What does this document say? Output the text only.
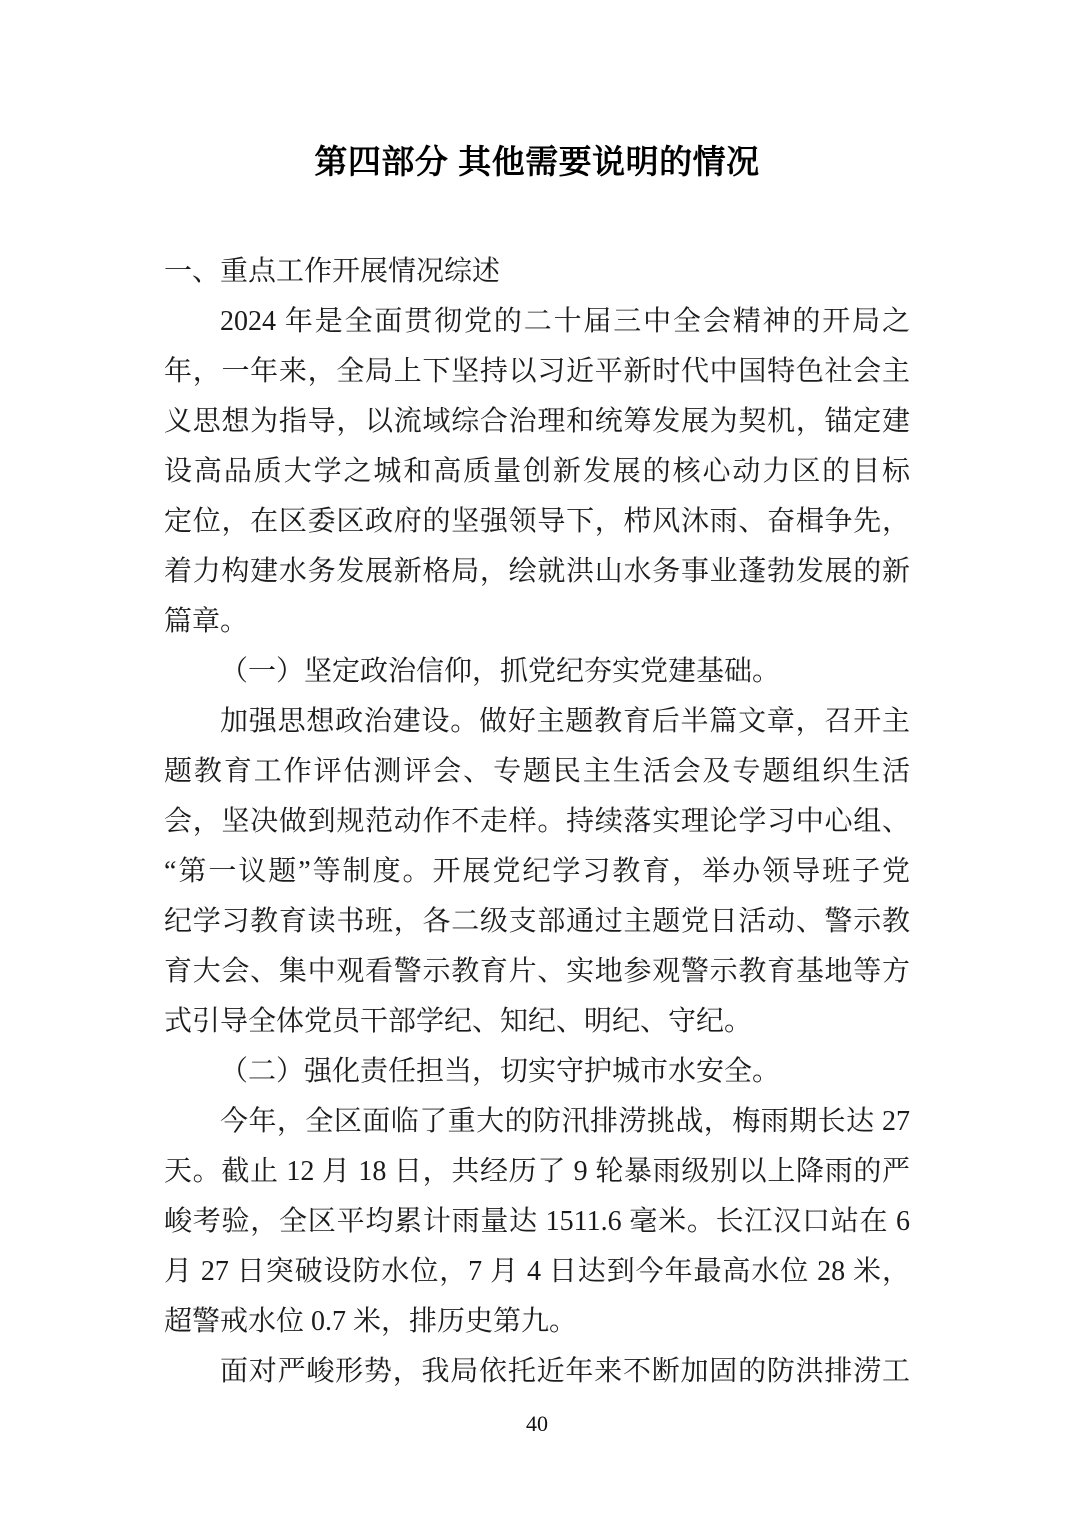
第四部分 其他需要说明的情况
一、重点工作开展情况综述
2024 年是全面贯彻党的二十届三中全会精神的开局之
年，一年来，全局上下坚持以习近平新时代中国特色社会主
义思想为指导，以流域综合治理和统筹发展为契机，锚定建
设高品质大学之城和高质量创新发展的核心动力区的目标
定位，在区委区政府的坚强领导下，栉风沐雨、奋楫争先，
着力构建水务发展新格局，绘就洪山水务事业蓬勃发展的新
篇章。
（一）坚定政治信仰，抓党纪夯实党建基础。
加强思想政治建设。做好主题教育后半篇文章，召开主
题教育工作评估测评会、专题民主生活会及专题组织生活
会，坚决做到规范动作不走样。持续落实理论学习中心组、
“第一议题”等制度。开展党纪学习教育，举办领导班子党
纪学习教育读书班，各二级支部通过主题党日活动、警示教
育大会、集中观看警示教育片、实地参观警示教育基地等方
式引导全体党员干部学纪、知纪、明纪、守纪。
（二）强化责任担当，切实守护城市水安全。
今年，全区面临了重大的防汛排涝挑战，梅雨期长达 27
天。截止 12 月 18 日，共经历了 9 轮暴雨级别以上降雨的严
峻考验，全区平均累计雨量达 1511.6 毫米。长江汉口站在 6
月 27 日突破设防水位，7 月 4 日达到今年最高水位 28 米，
超警戒水位 0.7 米，排历史第九。
面对严峻形势，我局依托近年来不断加固的防洪排涝工
40
